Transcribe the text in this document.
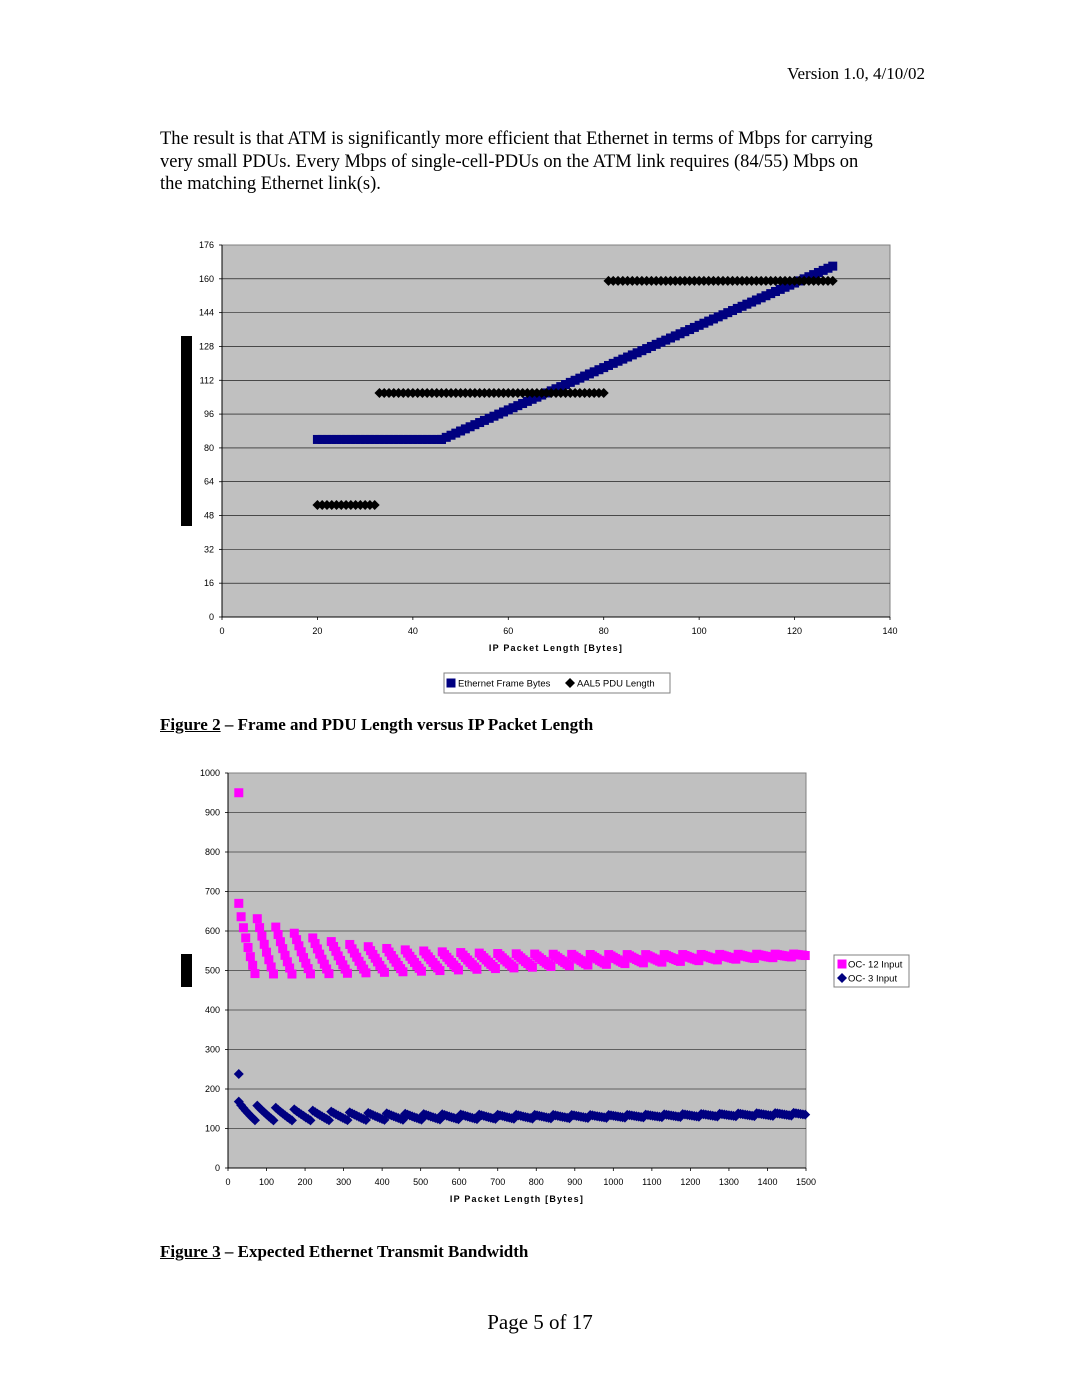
Version 1.0, 4/10/02
The result is that ATM is significantly more efficient that Ethernet in terms of Mbps for carrying
very small PDUs. Every Mbps of single-cell-PDUs on the ATM link requires (84/55) Mbps on
the matching Ethernet link(s).
0
16
32
48
64
80
96
112
128
144
160
176
0	20	40	60	80	100	120	140
IP Packet Length [Bytes]
Ethernet Frame Bytes	AAL5 PDU Length
Figure 2 – Frame and PDU Length versus IP Packet Length
0
100
200
300
400
500
600
700
800
900
1000
0	100	200	300	400	500	600	700	800	900 1000 1100 1200 1300 1400 1500
IP Packet Length [Bytes]
OC- 12 Input
OC- 3 Input
Figure 3 – Expected Ethernet Transmit Bandwidth
Page 5 of 17
